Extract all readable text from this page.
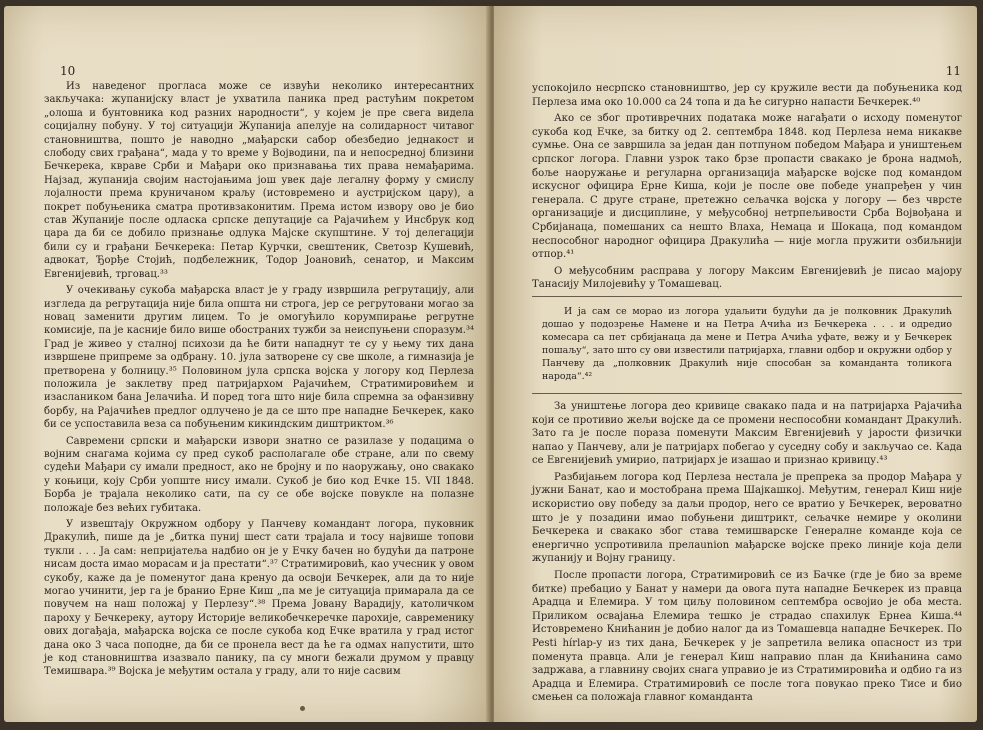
10

Из наведеног прогласа може се извући неколико интересантних закључака: жупанијску власт је ухватила паника пред растућим покретом „олоша и бунтовника код разних народности“, у којем је пре свега видела социјалну побуну. У тој ситуацији Жупанија апелује на солидарност читавог становништва, пошто је наводно „мађарски сабор обезбедио једнакост и слободу свих грађана“, мада у то време у Војводини, па и непосредној близини Бечкерека, квраве Срби и Мађари око признавања тих права немађарима. Најзад, жупанија својим настојањима још увек даје легалну форму у смислу лојалности према круничаном краљу (истовремено и аустријском цару), а покрет побуњеника сматра противзаконитим. Према истом извору ово је био став Жупаније после одласка српске депутације са Рајачићем у Инсбрук код цара да би се добило признање одлука Мајске скупштине. У тој делегацији били су и грађани Бечкерека: Петар Курчки, свештеник, Светозр Кушевић, адвокат, Ђорђе Стојић, подбележник, Тодор Јоановић, сенатор, и Максим Евгенијевић, трговац.³³

У очекивању сукоба мађарска власт је у граду извршила регрутацију, али изгледа да регрутација није била општа ни строга, јер се регрутовани могао за новац заменити другим лицем. То је омогућило корумпирање регрутне комисије, па је касније било више обостраних тужби за неиспуњени споразум.³⁴ Град је живео у сталној психози да ће бити нападнут те су у њему тих дана извршене припреме за одбрану. 10. јула затворене су све школе, а гимназија је претворена у болницу.³⁵ Половином јула српска војска у логору код Перлеза положила је заклетву пред патријархом Рајачићем, Стратимировићем и изаслаником бана Јелачића. И поред тога што није била спремна за офанзивну борбу, на Рајачићев предлог одлучено је да се што пре нападне Бечкерек, како би се успоставила веза са побуњеним кикиндским диштриктом.³⁶

Савремени српски и мађарски извори знатно се разилазе у подацима о војним снагама којима су пред сукоб располагале обе стране, али по свему судећи Мађари су имали предност, ако не бројну и по наоружању, оно свакако у коњици, коју Срби уопште нису имали. Сукоб је био код Ечке 15. VII 1848. Борба је трајала неколико сати, па су се обе војске повукле на полазне положаје без већих губитака.

У извештају Окружном одбору у Панчеву командант логора, пуковник Дракулић, пише да је „битка пуниј шест сати трајала и тосу највише топови тукли . . . Ја сам: непријатеља надбио он је у Ечку бачен но будући да патроне нисам доста имао морасам и ја престати“.³⁷ Стратимировић, као учесник у овом сукобу, каже да је поменутог дана кренуо да освоји Бечкерек, али да то није могао учинити, јер га је бранио Ерне Киш „па ме је ситуација примарала да се повучем на наш положај у Перлезу“.³⁸ Према Јовану Варадију, католичком пароху у Бечкереку, аутору Историје великобечкеречке парохије, савременику ових догађаја, мађарска војска се после сукоба код Ечке вратила у град истог дана око 3 часа поподне, да би се пронела вест да ће га одмах напустити, што је код становништва изазвало панику, па су многи бежали друмом у правцу Темишвара.³⁹ Војска је међутим остала у граду, али то није сасвим

11

успокојило несрпско становништво, јер су кружиле вести да побуњеника код Перлеза има око 10.000 са 24 топа и да ће сигурно напасти Бечкерек.⁴⁰

Ако се због противречних података може нагађати о исходу поменутог сукоба код Ечке, за битку од 2. септембра 1848. код Перлеза нема никакве сумње. Она се завршила за један дан потпуном победом Мађара и уништењем српског логора. Главни узрок тако брзе пропасти свакако је брона надмоћ, боље наоружање и регуларна организација мађарске војске под командом искусног официра Ерне Киша, који је после ове победе унапређен у чин генерала. С друге стране, претежно сељачка војска у логору — без чврсте организације и дисциплине, у међусобној нетрпељивости Срба Војвођана и Србијанаца, помешаних са нешто Влаха, Немаца и Шокаца, под командом неспособног народног официра Дракулића — није могла пружити озбиљнији отпор.⁴¹

О међусобним расправа у логору Максим Евгенијевић је писао мајору Танасију Милојевићу у Томашевац.

И ја сам се морао из логора удаљити будући да је полковник Дракулић дошао у подозрење Намене и на Петра Ачића из Бечкерека . . . и одредио комесара са пет србијанаца да мене и Петра Ачића уфате, вежу и у Бечкерек пошаљу“, зато што су ови известили патријарха, главни одбор и окружни одбор у Панчеву да „полковник Дракулић није способан за команданта толикога народа“.⁴²

За уништење логора део кривице свакако пада и на патријарха Рајачића који се противио жељи војске да се промени неспособни командант Дракулић. Зато га је после пораза поменути Максим Евгенијевић у јарости физички напао у Панчеву, али је патријарх побегао у суседну собу и закључао се. Када се Евгенијевић умирио, патријарх је изашао и признао кривицу.⁴³

Разбијањем логора код Перлеза нестала је препрека за продор Мађара у јужни Банат, као и мостобрана према Шајкашкој. Међутим, генерал Киш није искористио ову победу за даљи продор, него се вратио у Бечкерек, вероватно што је у позадини имао побуњени диштрикт, сељачке немире у околини Бечкерека и свакако због става темишварске Генералне команде која се енергично успротивила прелаunion мађарске војске преко линије која дели жупанију и Војну границу.

После пропасти логора, Стратимировић се из Бачке (где је био за време битке) пребацио у Банат у намери да овога пута нападне Бечкерек из правца Арадца и Елемира. У том циљу половином септембра освојио је оба места. Приликом освајања Елемира тешко је страдао спахилук Ернеа Киша.⁴⁴ Истовремено Книћанин је добио налог да из Томашевца нападне Бечкерек. По Pesti hírlap-у из тих дана, Бечкерек у је запретила велика опасност из три поменута правца. Али је генерал Киш направио план да Книћанина само задржава, а главнину својих снага управио је из Стратимировића и одбио га из Арадца и Елемира. Стратимировић се после тога повукао преко Тисе и био смењен са положаја главног команданта
